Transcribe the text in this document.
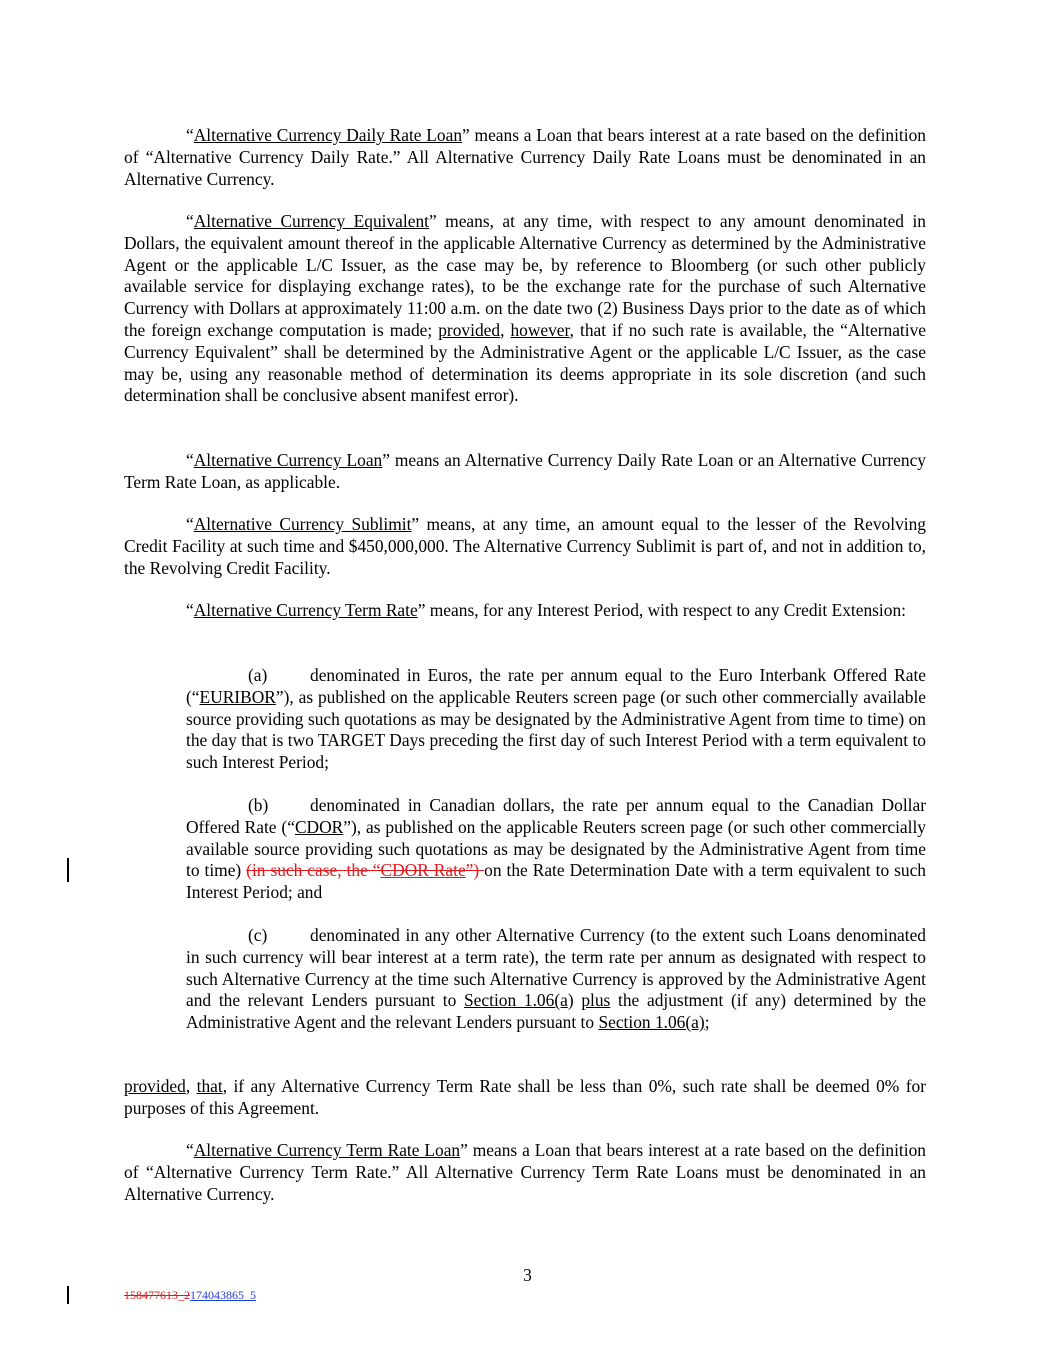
“Alternative Currency Daily Rate Loan” means a Loan that bears interest at a rate based on the definition of “Alternative Currency Daily Rate.” All Alternative Currency Daily Rate Loans must be denominated in an Alternative Currency.

“Alternative Currency Equivalent” means, at any time, with respect to any amount denominated in Dollars, the equivalent amount thereof in the applicable Alternative Currency as determined by the Administrative Agent or the applicable L/C Issuer, as the case may be, by reference to Bloomberg (or such other publicly available service for displaying exchange rates), to be the exchange rate for the purchase of such Alternative Currency with Dollars at approximately 11:00 a.m. on the date two (2) Business Days prior to the date as of which the foreign exchange computation is made; provided, however, that if no such rate is available, the “Alternative Currency Equivalent” shall be determined by the Administrative Agent or the applicable L/C Issuer, as the case may be, using any reasonable method of determination its deems appropriate in its sole discretion (and such determination shall be conclusive absent manifest error).

“Alternative Currency Loan” means an Alternative Currency Daily Rate Loan or an Alternative Currency Term Rate Loan, as applicable.

“Alternative Currency Sublimit” means, at any time, an amount equal to the lesser of the Revolving Credit Facility at such time and $450,000,000. The Alternative Currency Sublimit is part of, and not in addition to, the Revolving Credit Facility.

“Alternative Currency Term Rate” means, for any Interest Period, with respect to any Credit Extension:

(a) denominated in Euros, the rate per annum equal to the Euro Interbank Offered Rate (“EURIBOR”), as published on the applicable Reuters screen page (or such other commercially available source providing such quotations as may be designated by the Administrative Agent from time to time) on the day that is two TARGET Days preceding the first day of such Interest Period with a term equivalent to such Interest Period;

(b) denominated in Canadian dollars, the rate per annum equal to the Canadian Dollar Offered Rate (“CDOR”), as published on the applicable Reuters screen page (or such other commercially available source providing such quotations as may be designated by the Administrative Agent from time to time) (in such case, the “CDOR Rate”) on the Rate Determination Date with a term equivalent to such Interest Period; and

(c) denominated in any other Alternative Currency (to the extent such Loans denominated in such currency will bear interest at a term rate), the term rate per annum as designated with respect to such Alternative Currency at the time such Alternative Currency is approved by the Administrative Agent and the relevant Lenders pursuant to Section 1.06(a) plus the adjustment (if any) determined by the Administrative Agent and the relevant Lenders pursuant to Section 1.06(a);

provided, that, if any Alternative Currency Term Rate shall be less than 0%, such rate shall be deemed 0% for purposes of this Agreement.

“Alternative Currency Term Rate Loan” means a Loan that bears interest at a rate based on the definition of “Alternative Currency Term Rate.” All Alternative Currency Term Rate Loans must be denominated in an Alternative Currency.

3
158477613_2174043865_5
